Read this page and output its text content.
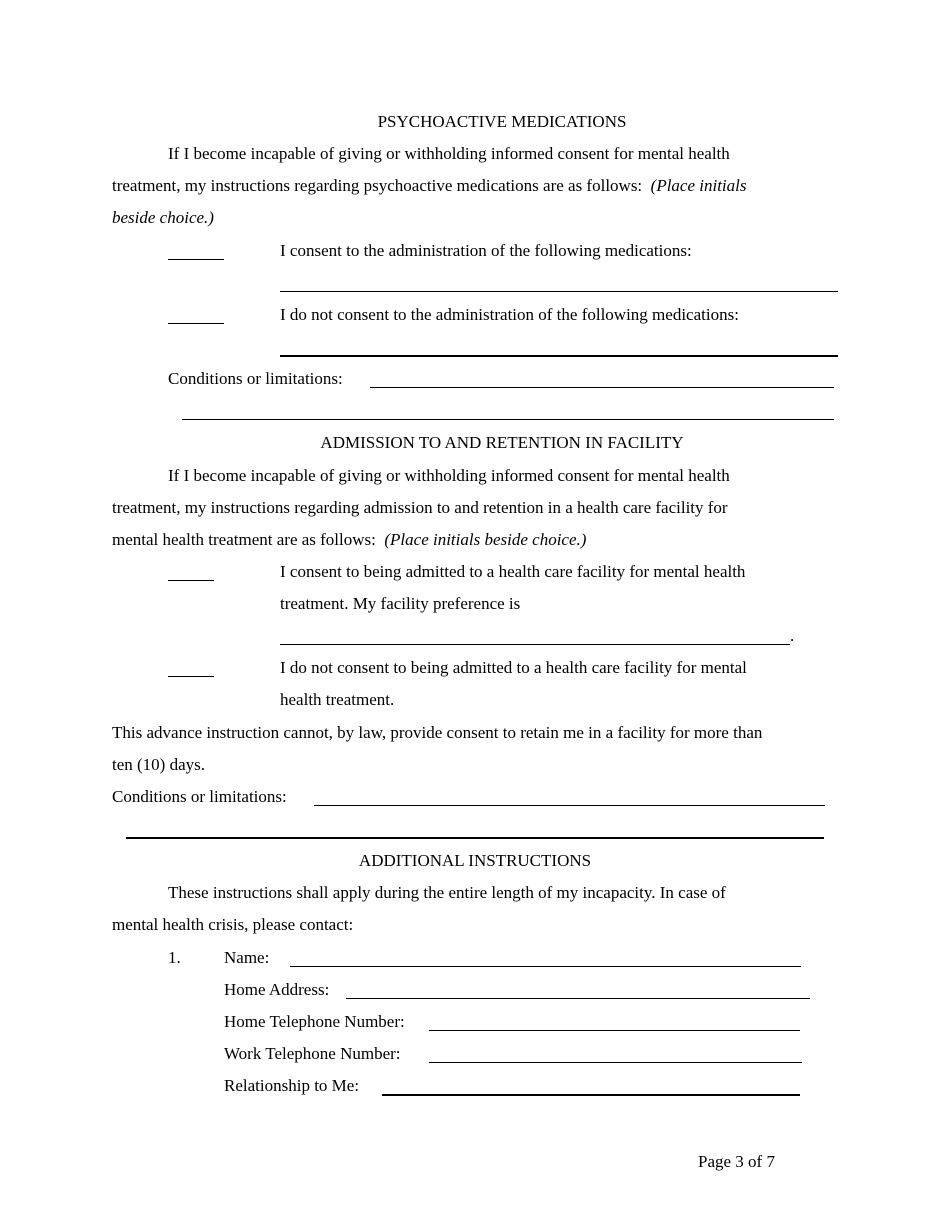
PSYCHOACTIVE MEDICATIONS
If I become incapable of giving or withholding informed consent for mental health
treatment, my instructions regarding psychoactive medications are as follows: (Place initials
beside choice.)
I consent to the administration of the following medications:
I do not consent to the administration of the following medications:
Conditions or limitations:
ADMISSION TO AND RETENTION IN FACILITY
If I become incapable of giving or withholding informed consent for mental health
treatment, my instructions regarding admission to and retention in a health care facility for
mental health treatment are as follows: (Place initials beside choice.)
I consent to being admitted to a health care facility for mental health
treatment. My facility preference is
.
I do not consent to being admitted to a health care facility for mental
health treatment.
This advance instruction cannot, by law, provide consent to retain me in a facility for more than
ten (10) days.
Conditions or limitations:
ADDITIONAL INSTRUCTIONS
These instructions shall apply during the entire length of my incapacity. In case of
mental health crisis, please contact:
1.	Name:
Home Address:
Home Telephone Number:
Work Telephone Number:
Relationship to Me:
Page 3 of 7
